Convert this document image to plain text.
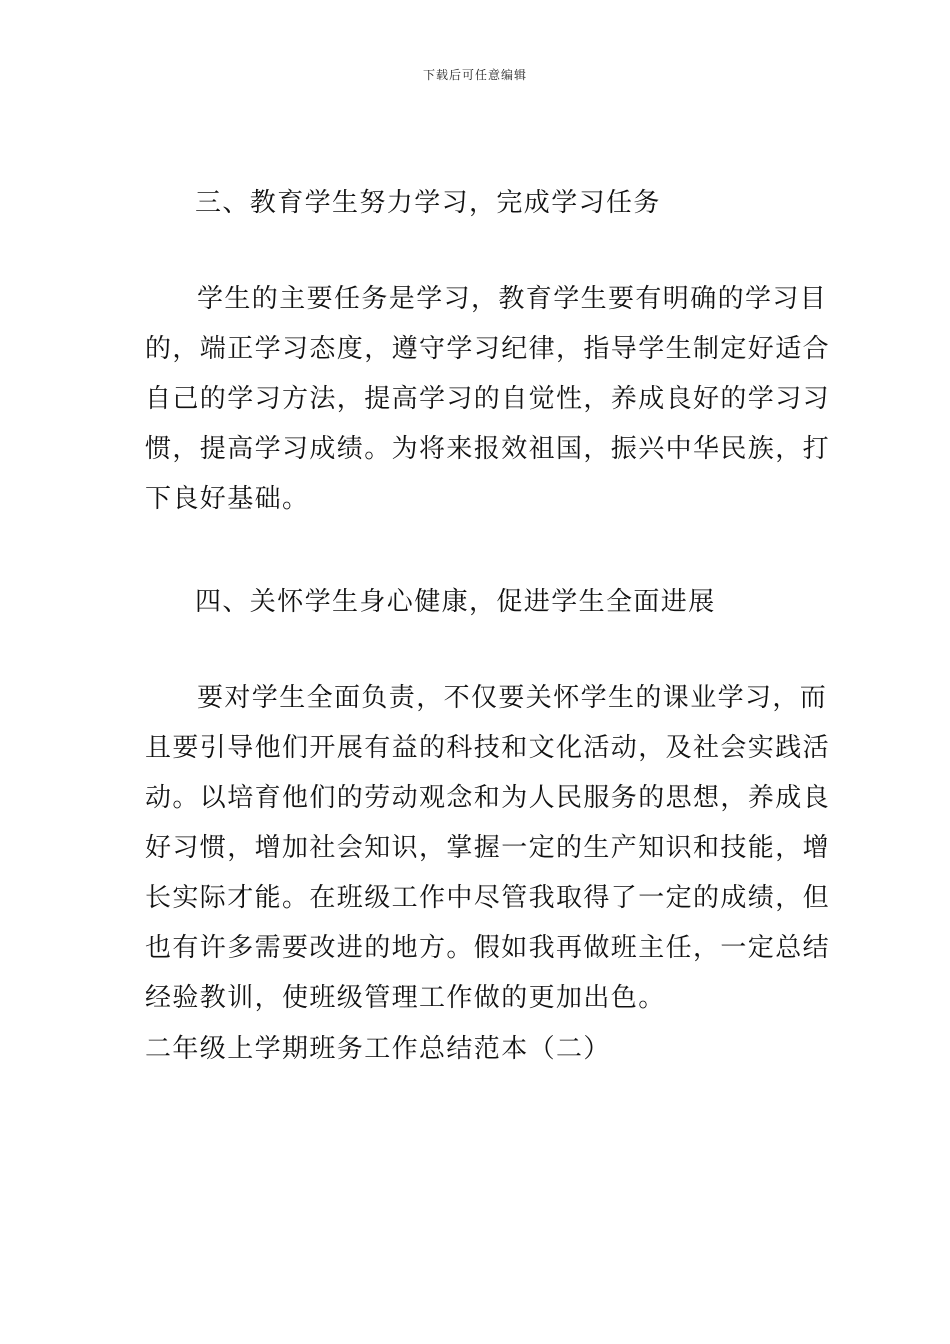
下载后可任意编辑
三、教育学生努力学习，完成学习任务
学生的主要任务是学习，教育学生要有明确的学习目
的，端正学习态度，遵守学习纪律，指导学生制定好适合
自己的学习方法，提高学习的自觉性，养成良好的学习习
惯，提高学习成绩。为将来报效祖国，振兴中华民族，打
下良好基础。
四、关怀学生身心健康，促进学生全面进展
要对学生全面负责，不仅要关怀学生的课业学习，而
且要引导他们开展有益的科技和文化活动，及社会实践活
动。以培育他们的劳动观念和为人民服务的思想，养成良
好习惯，增加社会知识，掌握一定的生产知识和技能，增
长实际才能。在班级工作中尽管我取得了一定的成绩，但
也有许多需要改进的地方。假如我再做班主任，一定总结
经验教训，使班级管理工作做的更加出色。
二年级上学期班务工作总结范本（二）
